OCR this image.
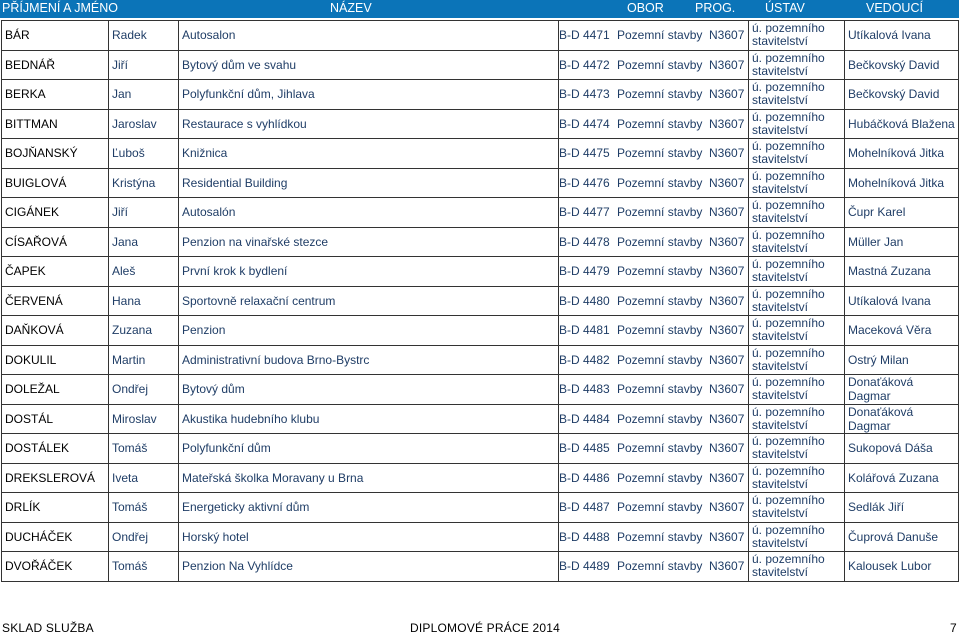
PŘÍJMENÍ A JMÉNO	NÁZEV	OBOR PROG. ÚSTAV	VEDOUCÍ
BÁR	Radek	Autosalon	B-D 4471 Pozemní stavby N3607	ú. pozemního stavitelství	Utíkalová Ivana
BEDNÁŘ	Jiří	Bytový dům ve svahu	B-D 4472 Pozemní stavby N3607	ú. pozemního stavitelství	Bečkovský David
BERKA	Jan	Polyfunkční dům, Jihlava	B-D 4473 Pozemní stavby N3607	ú. pozemního stavitelství	Bečkovský David
BITTMAN	Jaroslav	Restaurace s vyhlídkou	B-D 4474 Pozemní stavby N3607	ú. pozemního stavitelství	Hubáčková Blažena
BOJŇANSKÝ	Ľuboš	Knižnica	B-D 4475 Pozemní stavby N3607	ú. pozemního stavitelství	Mohelníková Jitka
BUIGLOVÁ	Kristýna	Residential Building	B-D 4476 Pozemní stavby N3607	ú. pozemního stavitelství	Mohelníková Jitka
CIGÁNEK	Jiří	Autosalón	B-D 4477 Pozemní stavby N3607	ú. pozemního stavitelství	Čupr Karel
CÍSAŘOVÁ	Jana	Penzion na vinařské stezce	B-D 4478 Pozemní stavby N3607	ú. pozemního stavitelství	Müller Jan
ČAPEK	Aleš	První krok k bydlení	B-D 4479 Pozemní stavby N3607	ú. pozemního stavitelství	Mastná Zuzana
ČERVENÁ	Hana	Sportovně relaxační centrum	B-D 4480 Pozemní stavby N3607	ú. pozemního stavitelství	Utíkalová Ivana
DAŇKOVÁ	Zuzana	Penzion	B-D 4481 Pozemní stavby N3607	ú. pozemního stavitelství	Maceková Věra
DOKULIL	Martin	Administrativní budova Brno-Bystrc	B-D 4482 Pozemní stavby N3607	ú. pozemního stavitelství	Ostrý Milan
DOLEŽAL	Ondřej	Bytový dům	B-D 4483 Pozemní stavby N3607	ú. pozemního stavitelství	Donaťáková Dagmar
DOSTÁL	Miroslav	Akustika hudebního klubu	B-D 4484 Pozemní stavby N3607	ú. pozemního stavitelství	Donaťáková Dagmar
DOSTÁLEK	Tomáš	Polyfunkční dům	B-D 4485 Pozemní stavby N3607	ú. pozemního stavitelství	Sukopová Dáša
DREKSLEROVÁ	Iveta	Mateřská školka Moravany u Brna	B-D 4486 Pozemní stavby N3607	ú. pozemního stavitelství	Kolářová Zuzana
DRLÍK	Tomáš	Energeticky aktivní dům	B-D 4487 Pozemní stavby N3607	ú. pozemního stavitelství	Sedlák Jiří
DUCHÁČEK	Ondřej	Horský hotel	B-D 4488 Pozemní stavby N3607	ú. pozemního stavitelství	Čuprová Danuše
DVOŘÁČEK	Tomáš	Penzion Na Vyhlídce	B-D 4489 Pozemní stavby N3607	ú. pozemního stavitelství	Kalousek Lubor
SKLAD SLUŽBA	DIPLOMOVÉ PRÁCE 2014	7
